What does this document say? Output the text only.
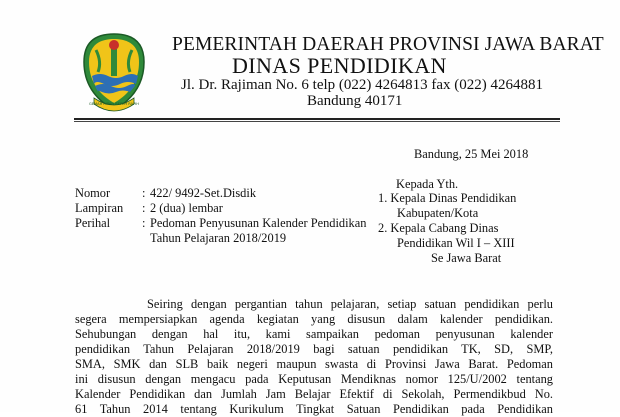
GEMAH RIPAH REPEH RAPIH
PEMERINTAH DAERAH PROVINSI JAWA BARAT
DINAS PENDIDIKAN
Jl. Dr. Rajiman No. 6 telp (022) 4264813 fax (022) 4264881
Bandung 40171
Bandung, 25 Mei 2018
Kepada Yth.
1. Kepala Dinas Pendidikan
Kabupaten/Kota
2. Kepala Cabang Dinas
Pendidikan Wil I – XIII
Se Jawa Barat
Nomor	: 422/ 9492-Set.Disdik
Lampiran : 2 (dua) lembar
Perihal	: Pedoman Penyusunan Kalender Pendidikan
Tahun Pelajaran 2018/2019
Seiring dengan pergantian tahun pelajaran, setiap satuan pendidikan perlu
segera mempersiapkan agenda kegiatan yang disusun dalam kalender pendidikan.
Sehubungan dengan hal itu, kami sampaikan pedoman penyusunan kalender
pendidikan Tahun Pelajaran 2018/2019 bagi satuan pendidikan TK, SD, SMP,
SMA, SMK dan SLB baik negeri maupun swasta di Provinsi Jawa Barat. Pedoman
ini disusun dengan mengacu pada Keputusan Mendiknas nomor 125/U/2002 tentang
Kalender Pendidikan dan Jumlah Jam Belajar Efektif di Sekolah, Permendikbud No.
61 Tahun 2014 tentang Kurikulum Tingkat Satuan Pendidikan pada Pendidikan
